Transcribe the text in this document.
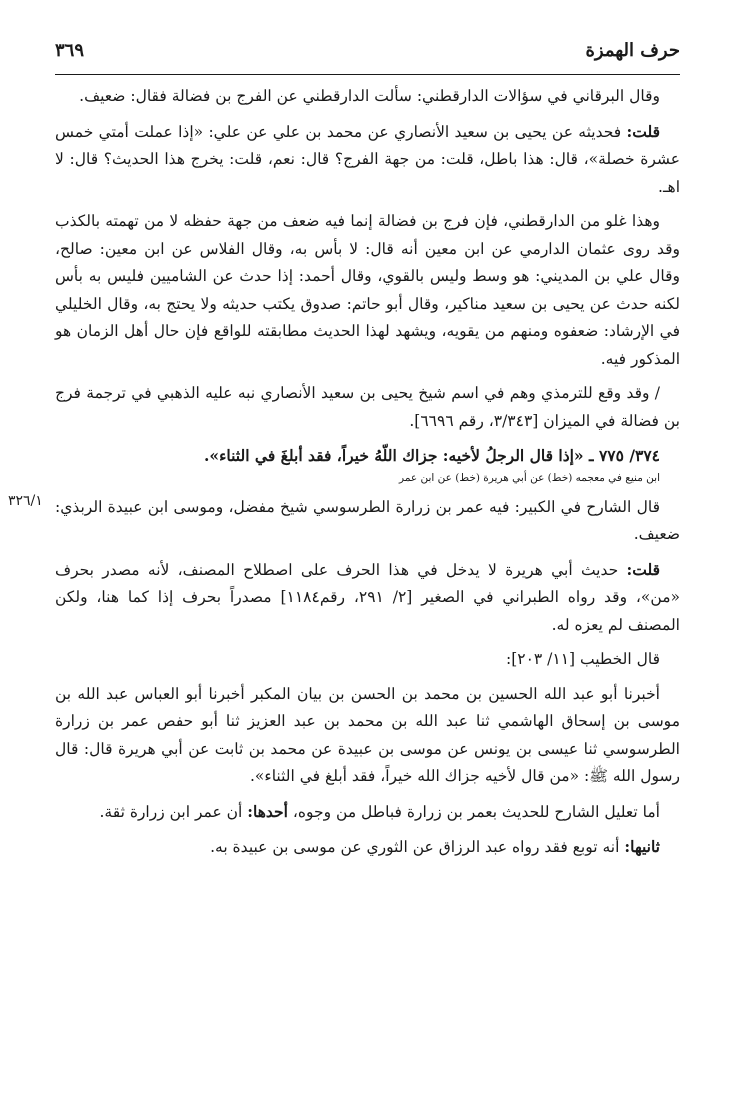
حرف الهمزة
٣٦٩

وقال البرقاني في سؤالات الدارقطني: سألت الدارقطني عن الفرج بن فضالة فقال: ضعيف.

قلت: فحديثه عن يحيى بن سعيد الأنصاري عن محمد بن علي عن علي: «إذا عملت أمتي خمس عشرة خصلة»، قال: هذا باطل، قلت: من جهة الفرج؟ قال: نعم، قلت: يخرج هذا الحديث؟ قال: لا اهـ.

وهذا غلو من الدارقطني، فإن فرج بن فضالة إنما فيه ضعف من جهة حفظه لا من تهمته بالكذب وقد روى عثمان الدارمي عن ابن معين أنه قال: لا بأس به، وقال الفلاس عن ابن معين: صالح، وقال علي بن المديني: هو وسط وليس بالقوي، وقال أحمد: إذا حدث عن الشاميين فليس به بأس لكنه حدث عن يحيى بن سعيد مناكير، وقال أبو حاتم: صدوق يكتب حديثه ولا يحتج به، وقال الخليلي في الإرشاد: ضعفوه ومنهم من يقويه، ويشهد لهذا الحديث مطابقته للواقع فإن حال أهل الزمان هو المذكور فيه.

/ وقد وقع للترمذي وهم في اسم شيخ يحيى بن سعيد الأنصاري نبه عليه الذهبي في ترجمة فرج بن فضالة في الميزان [٣/٣٤٣، رقم ٦٦٩٦].

٣٧٤/ ٧٧٥ ـ «إذا قال الرجلُ لأخيه: جزاك اللّهُ خيراً، فقد أبلغَ في الثناء».

ابن منيع في معجمه (خط) عن أبي هريرة (خط) عن ابن عمر

قال الشارح في الكبير: فيه عمر بن زرارة الطرسوسي شيخ مفضل، وموسى ابن عبيدة الربذي: ضعيف.

قلت: حديث أبي هريرة لا يدخل في هذا الحرف على اصطلاح المصنف، لأنه مصدر بحرف «من»، وقد رواه الطبراني في الصغير [٢/ ٢٩١، رقم١١٨٤] مصدراً بحرف إذا كما هنا، ولكن المصنف لم يعزه له.

قال الخطيب [١١/ ٢٠٣]:

أخبرنا أبو عبد الله الحسين بن محمد بن الحسن بن بيان المكبر أخبرنا أبو العباس عبد الله بن موسى بن إسحاق الهاشمي ثنا عبد الله بن محمد بن عبد العزيز ثنا أبو حفص عمر بن زرارة الطرسوسي ثنا عيسى بن يونس عن موسى بن عبيدة عن محمد بن ثابت عن أبي هريرة قال: قال رسول الله ﷺ: «من قال لأخيه جزاك الله خيراً، فقد أبلغ في الثناء».

أما تعليل الشارح للحديث بعمر بن زرارة فباطل من وجوه، أحدها: أن عمر ابن زرارة ثقة.

ثانيها: أنه توبع فقد رواه عبد الرزاق عن الثوري عن موسى بن عبيدة به.

٣٢٦/١
